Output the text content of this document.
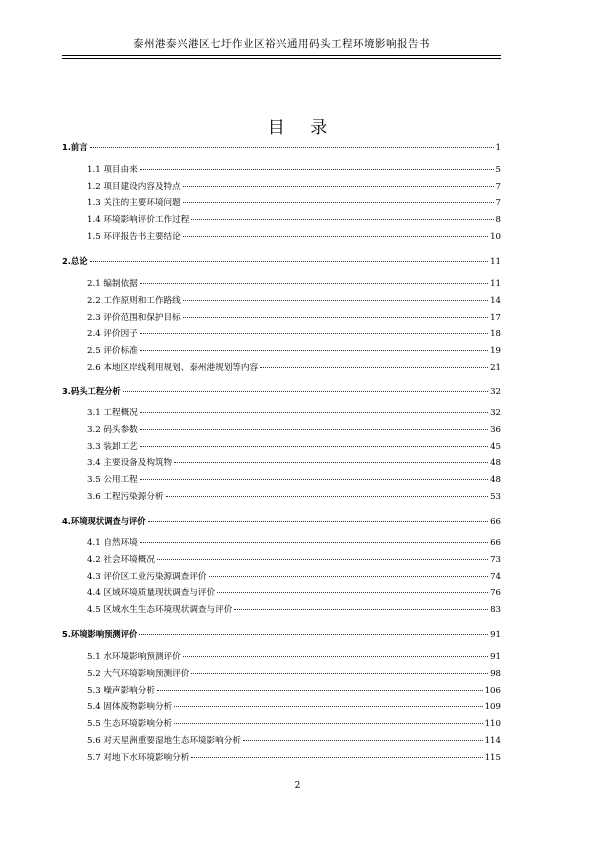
泰州港泰兴港区七圩作业区裕兴通用码头工程环境影响报告书
目 录
1.前言	1
1.1 项目由来	5
1.2 项目建设内容及特点	7
1.3 关注的主要环境问题	7
1.4 环境影响评价工作过程	8
1.5 环评报告书主要结论	10
2.总论	11
2.1 编制依据	11
2.2 工作原则和工作路线	14
2.3 评价范围和保护目标	17
2.4 评价因子	18
2.5 评价标准	19
2.6 本地区岸线利用规划、泰州港规划等内容	21
3.码头工程分析	32
3.1 工程概况	32
3.2 码头参数	36
3.3 装卸工艺	45
3.4 主要设备及构筑物	48
3.5 公用工程	48
3.6 工程污染源分析	53
4.环境现状调查与评价	66
4.1 自然环境	66
4.2 社会环境概况	73
4.3 评价区工业污染源调查评价	74
4.4 区域环境质量现状调查与评价	76
4.5 区域水生生态环境现状调查与评价	83
5.环境影响预测评价	91
5.1 水环境影响预测评价	91
5.2 大气环境影响预测评价	98
5.3 噪声影响分析	106
5.4 固体废物影响分析	109
5.5 生态环境影响分析	110
5.6 对天星洲重要湿地生态环境影响分析	114
5.7 对地下水环境影响分析	115
2
